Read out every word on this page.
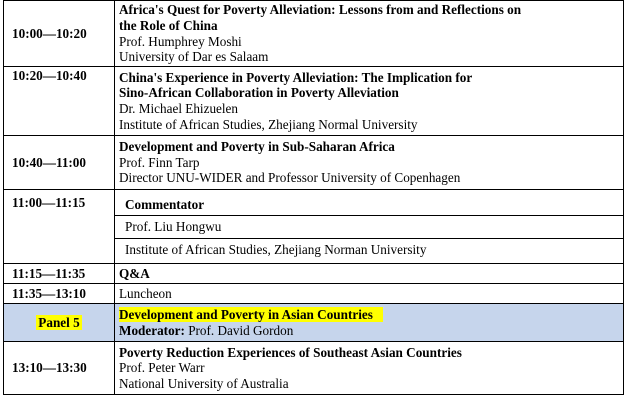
10:00—10:20	Africa's Quest for Poverty Alleviation: Lessons from and Reflections on
the Role of China
Prof. Humphrey Moshi
University of Dar es Salaam

10:20—10:40	China's Experience in Poverty Alleviation: The Implication for
Sino-African Collaboration in Poverty Alleviation
Dr. Michael Ehizuelen
Institute of African Studies, Zhejiang Normal University

10:40—11:00	Development and Poverty in Sub-Saharan Africa
Prof. Finn Tarp
Director UNU-WIDER and Professor University of Copenhagen

11:00—11:15	Commentator
Prof. Liu Hongwu
Institute of African Studies, Zhejiang Norman University

11:15—11:35	Q&A

11:35—13:10	Luncheon

Panel 5	Development and Poverty in Asian Countries
Moderator: Prof. David Gordon

13:10—13:30	Poverty Reduction Experiences of Southeast Asian Countries
Prof. Peter Warr
National University of Australia
